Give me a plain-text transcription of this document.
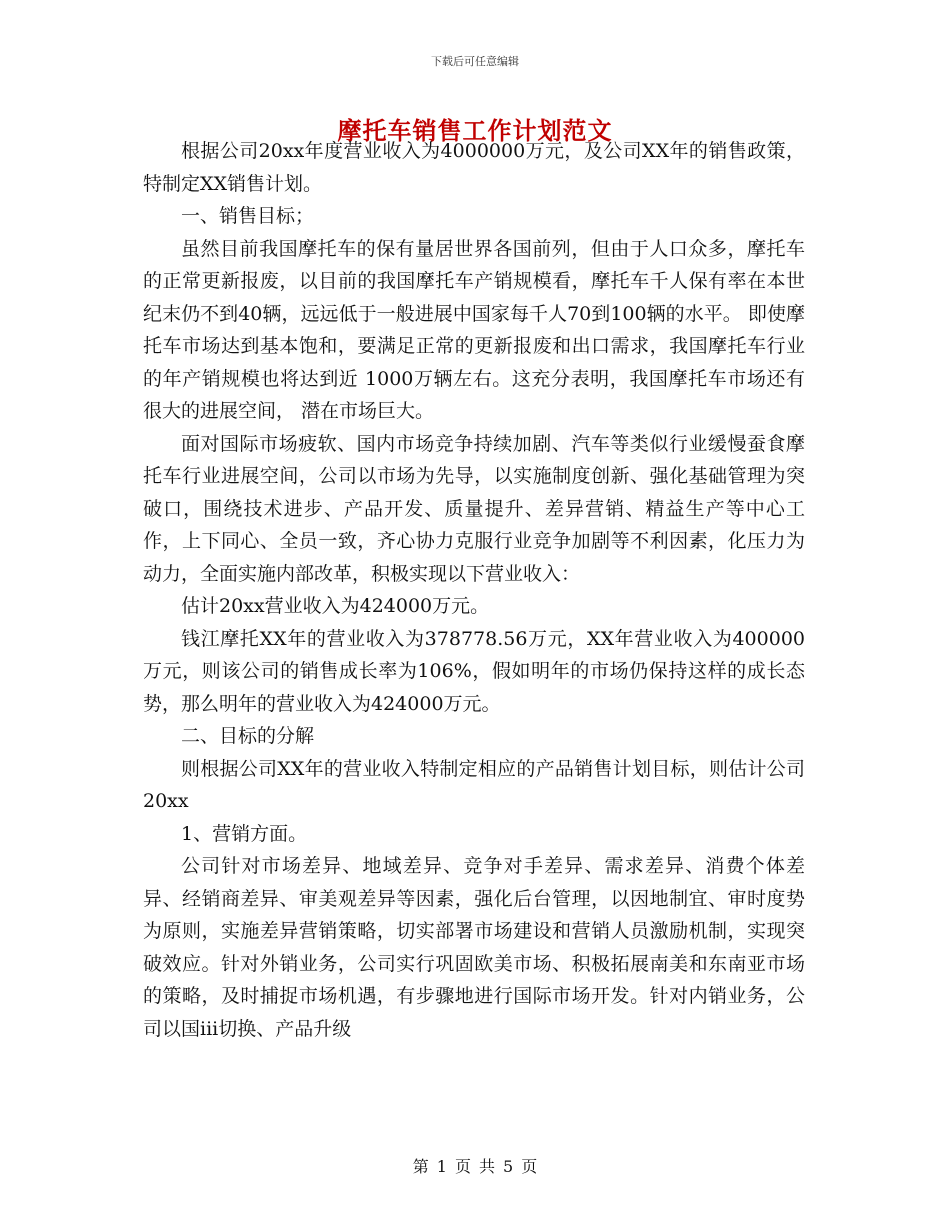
下载后可任意编辑
摩托车销售工作计划范文

根据公司20xx年度营业收入为4000000万元，及公司XX年的销售政策，特制定XX销售计划。

一、销售目标；

虽然目前我国摩托车的保有量居世界各国前列，但由于人口众多，摩托车的正常更新报废，以目前的我国摩托车产销规模看，摩托车千人保有率在本世纪末仍不到40辆，远远低于一般进展中国家每千人70到100辆的水平。 即使摩托车市场达到基本饱和，要满足正常的更新报废和出口需求，我国摩托车行业的年产销规模也将达到近 1000万辆左右。这充分表明，我国摩托车市场还有很大的进展空间， 潜在市场巨大。

面对国际市场疲软、国内市场竞争持续加剧、汽车等类似行业缓慢蚕食摩托车行业进展空间，公司以市场为先导，以实施制度创新、强化基础管理为突破口，围绕技术进步、产品开发、质量提升、差异营销、精益生产等中心工作，上下同心、全员一致，齐心协力克服行业竞争加剧等不利因素，化压力为动力，全面实施内部改革，积极实现以下营业收入：

估计20xx营业收入为424000万元。

钱江摩托XX年的营业收入为378778.56万元，XX年营业收入为400000万元，则该公司的销售成长率为106%，假如明年的市场仍保持这样的成长态势，那么明年的营业收入为424000万元。

二、目标的分解

则根据公司XX年的营业收入特制定相应的产品销售计划目标，则估计公司20xx

1、营销方面。

公司针对市场差异、地域差异、竞争对手差异、需求差异、消费个体差异、经销商差异、审美观差异等因素，强化后台管理，以因地制宜、审时度势为原则，实施差异营销策略，切实部署市场建设和营销人员激励机制，实现突破效应。针对外销业务，公司实行巩固欧美市场、积极拓展南美和东南亚市场的策略，及时捕捉市场机遇，有步骤地进行国际市场开发。针对内销业务，公司以国iii切换、产品升级

第 1 页 共 5 页
